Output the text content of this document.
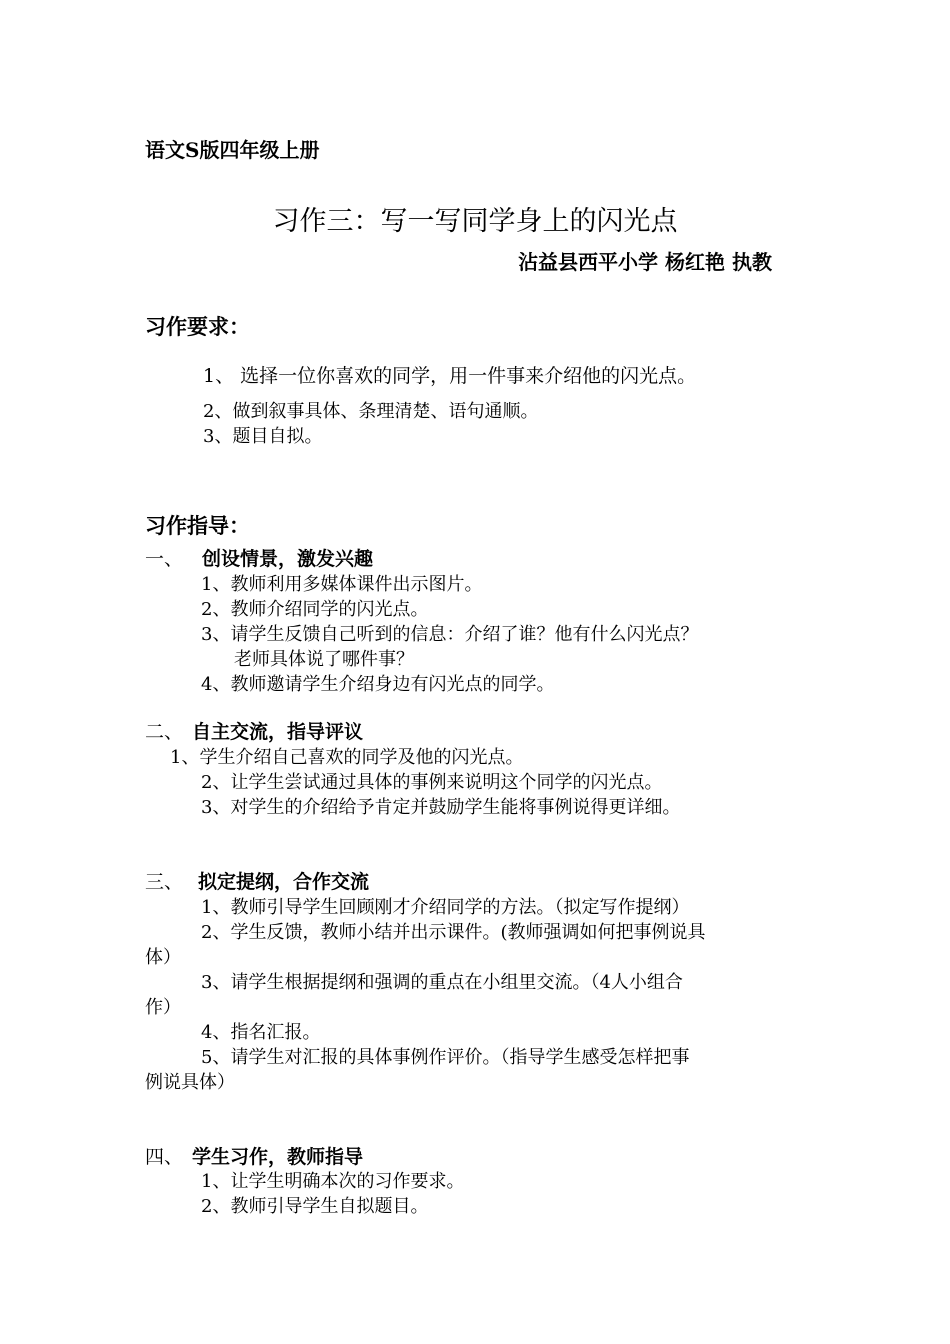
语文S版四年级上册
习作三：写一写同学身上的闪光点
沾益县西平小学 杨红艳 执教
习作要求：
1、 选择一位你喜欢的同学，用一件事来介绍他的闪光点。
2、做到叙事具体、条理清楚、语句通顺。
3、题目自拟。
习作指导：
一、 创设情景，激发兴趣
1、教师利用多媒体课件出示图片。
2、教师介绍同学的闪光点。
3、请学生反馈自己听到的信息：介绍了谁？他有什么闪光点？
老师具体说了哪件事？
4、教师邀请学生介绍身边有闪光点的同学。
二、 自主交流，指导评议
1、学生介绍自己喜欢的同学及他的闪光点。
2、让学生尝试通过具体的事例来说明这个同学的闪光点。
3、对学生的介绍给予肯定并鼓励学生能将事例说得更详细。
三、 拟定提纲，合作交流
1、教师引导学生回顾刚才介绍同学的方法。（拟定写作提纲）
2、学生反馈，教师小结并出示课件。(教师强调如何把事例说具
体）
3、请学生根据提纲和强调的重点在小组里交流。（4人小组合
作）
4、指名汇报。
5、请学生对汇报的具体事例作评价。（指导学生感受怎样把事
例说具体）
四、 学生习作，教师指导
1、让学生明确本次的习作要求。
2、教师引导学生自拟题目。
